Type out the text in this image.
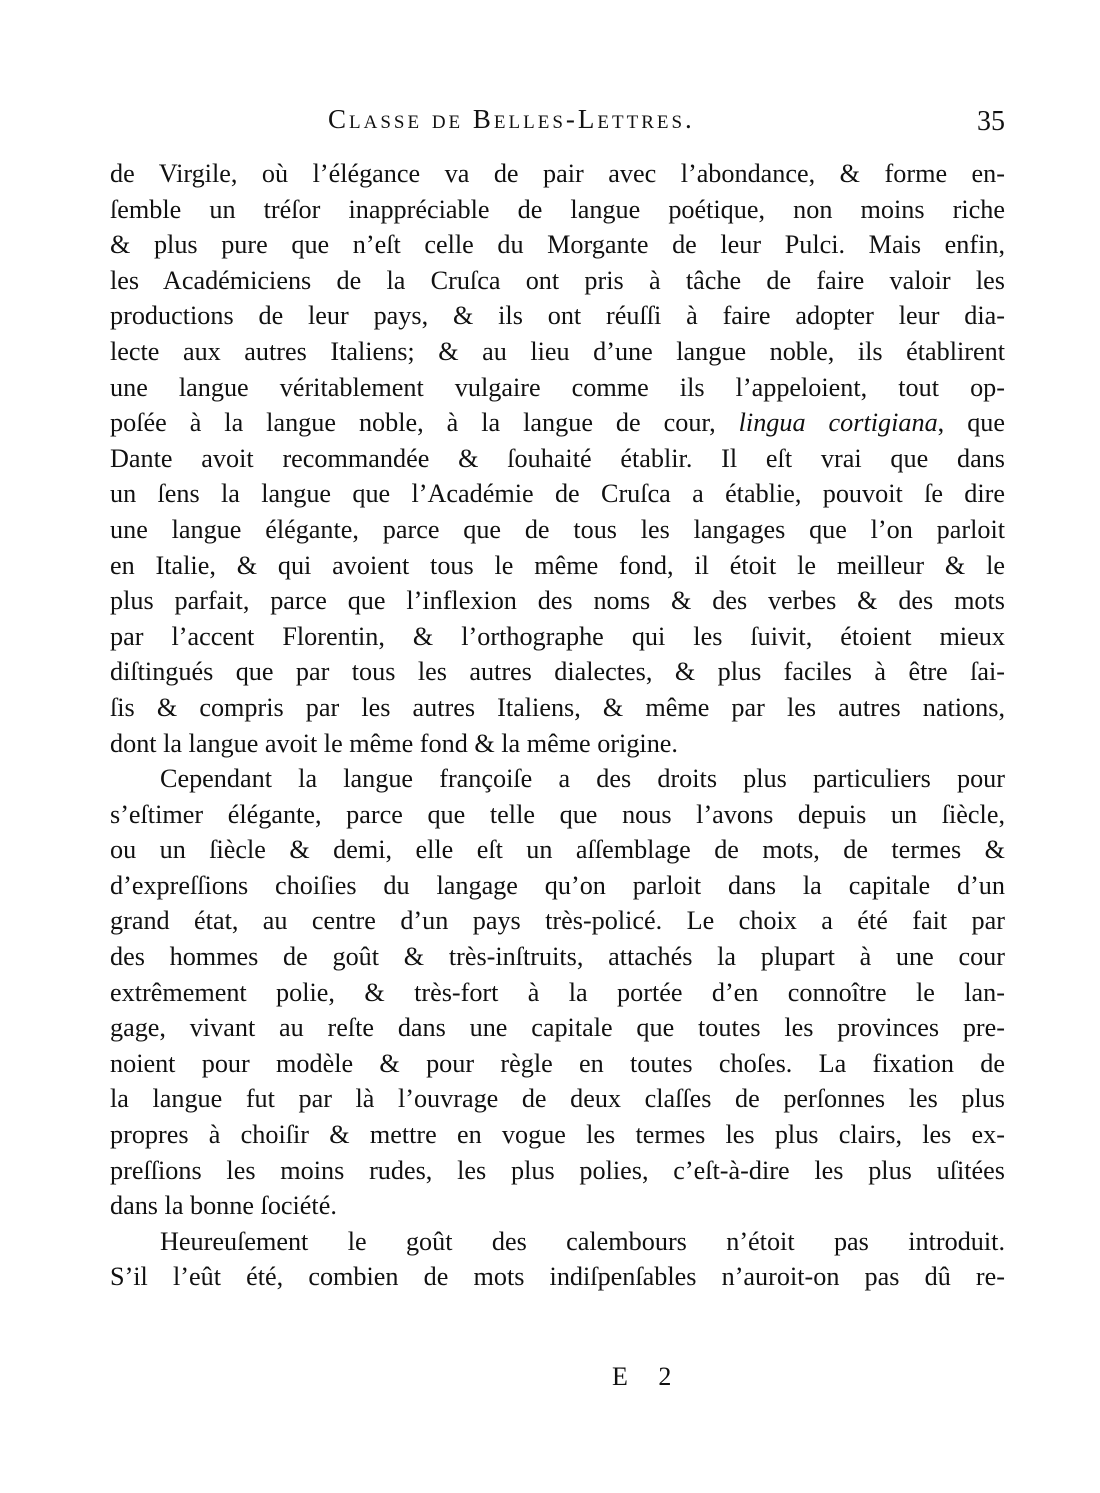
Classe de Belles-Lettres.	35
de Virgile, où l’élégance va de pair avec l’abondance, & forme en-
ſemble un tréſor inappréciable de langue poétique, non moins riche
& plus pure que n’eſt celle du Morgante de leur Pulci. Mais enfin,
les Académiciens de la Cruſca ont pris à tâche de faire valoir les
productions de leur pays, & ils ont réuſſi à faire adopter leur dia-
lecte aux autres Italiens; & au lieu d’une langue noble, ils établirent
une langue véritablement vulgaire comme ils l’appeloient, tout op-
poſée à la langue noble, à la langue de cour, lingua cortigiana, que
Dante avoit recommandée & ſouhaité établir. Il eſt vrai que dans
un ſens la langue que l’Académie de Cruſca a établie, pouvoit ſe dire
une langue élégante, parce que de tous les langages que l’on parloit
en Italie, & qui avoient tous le même fond, il étoit le meilleur & le
plus parfait, parce que l’inflexion des noms & des verbes & des mots
par l’accent Florentin, & l’orthographe qui les ſuivit, étoient mieux
diſtingués que par tous les autres dialectes, & plus faciles à être ſai-
ſis & compris par les autres Italiens, & même par les autres nations,
dont la langue avoit le même fond & la même origine.
Cependant la langue françoiſe a des droits plus particuliers pour
s’eſtimer élégante, parce que telle que nous l’avons depuis un ſiècle,
ou un ſiècle & demi, elle eſt un aſſemblage de mots, de termes &
d’expreſſions choiſies du langage qu’on parloit dans la capitale d’un
grand état, au centre d’un pays très-policé. Le choix a été fait par
des hommes de goût & très-inſtruits, attachés la plupart à une cour
extrêmement polie, & très-fort à la portée d’en connoître le lan-
gage, vivant au reſte dans une capitale que toutes les provinces pre-
noient pour modèle & pour règle en toutes choſes. La fixation de
la langue fut par là l’ouvrage de deux claſſes de perſonnes les plus
propres à choiſir & mettre en vogue les termes les plus clairs, les ex-
preſſions les moins rudes, les plus polies, c’eſt-à-dire les plus uſitées
dans la bonne ſociété.
Heureuſement le goût des calembours n’étoit pas introduit.
S’il l’eût été, combien de mots indiſpenſables n’auroit-on pas dû re-
E 2
